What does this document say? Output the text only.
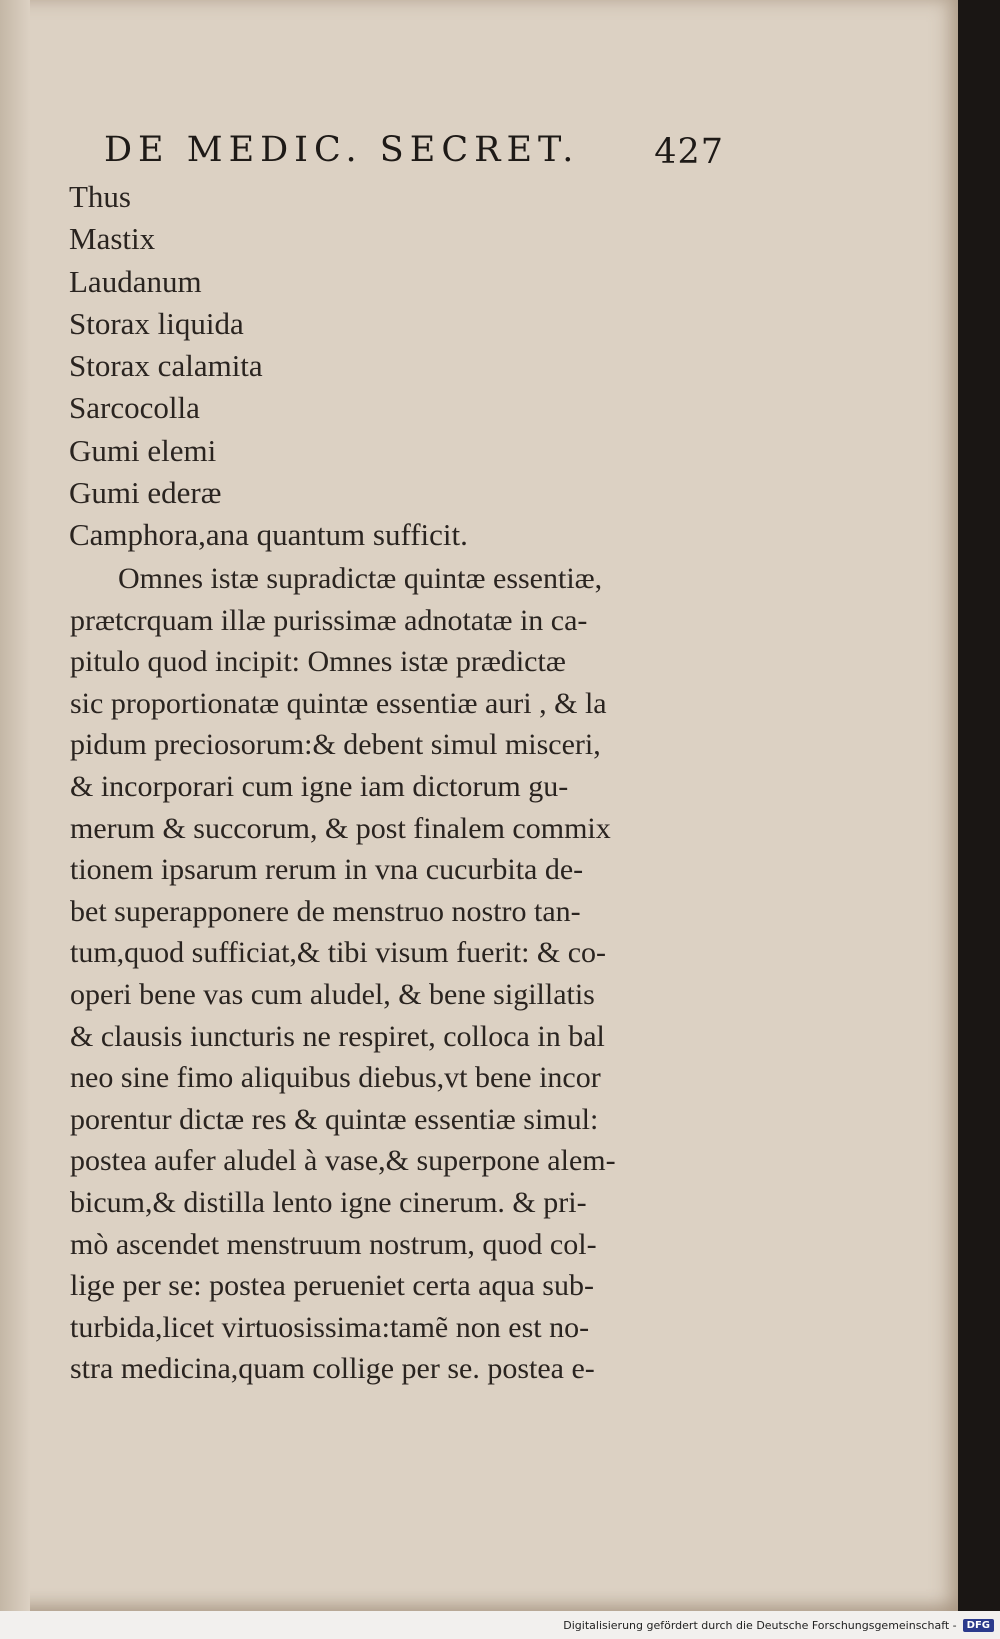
DE MEDIC. SECRET. 427
Thus
Mastix
Laudanum
Storax liquida
Storax calamita
Sarcocolla
Gumi elemi
Gumi ederæ
Camphora,ana quantum sufficit.
Omnes istæ supradictæ quintæ essentiæ,
prætcrquam illæ purissimæ adnotatæ in ca-
pitulo quod incipit: Omnes istæ prædictæ
sic proportionatæ quintæ essentiæ auri , & la
pidum preciosorum:& debent simul misceri,
& incorporari cum igne iam dictorum gu-
merum & succorum, & post finalem commix
tionem ipsarum rerum in vna cucurbita de-
bet superapponere de menstruo nostro tan-
tum,quod sufficiat,& tibi visum fuerit: & co-
operi bene vas cum aludel, & bene sigillatis
& clausis iuncturis ne respiret, colloca in bal
neo sine fimo aliquibus diebus,vt bene incor
porentur dictæ res & quintæ essentiæ simul:
postea aufer aludel à vase,& superpone alem-
bicum,& distilla lento igne cinerum. & pri-
mò ascendet menstruum nostrum, quod col-
lige per se: postea perueniet certa aqua sub-
turbida,licet virtuosissima:tamẽ non est no-
stra medicina,quam collige per se. postea e-
Digitalisierung gefördert durch die Deutsche Forschungsgemeinschaft -	DFG
